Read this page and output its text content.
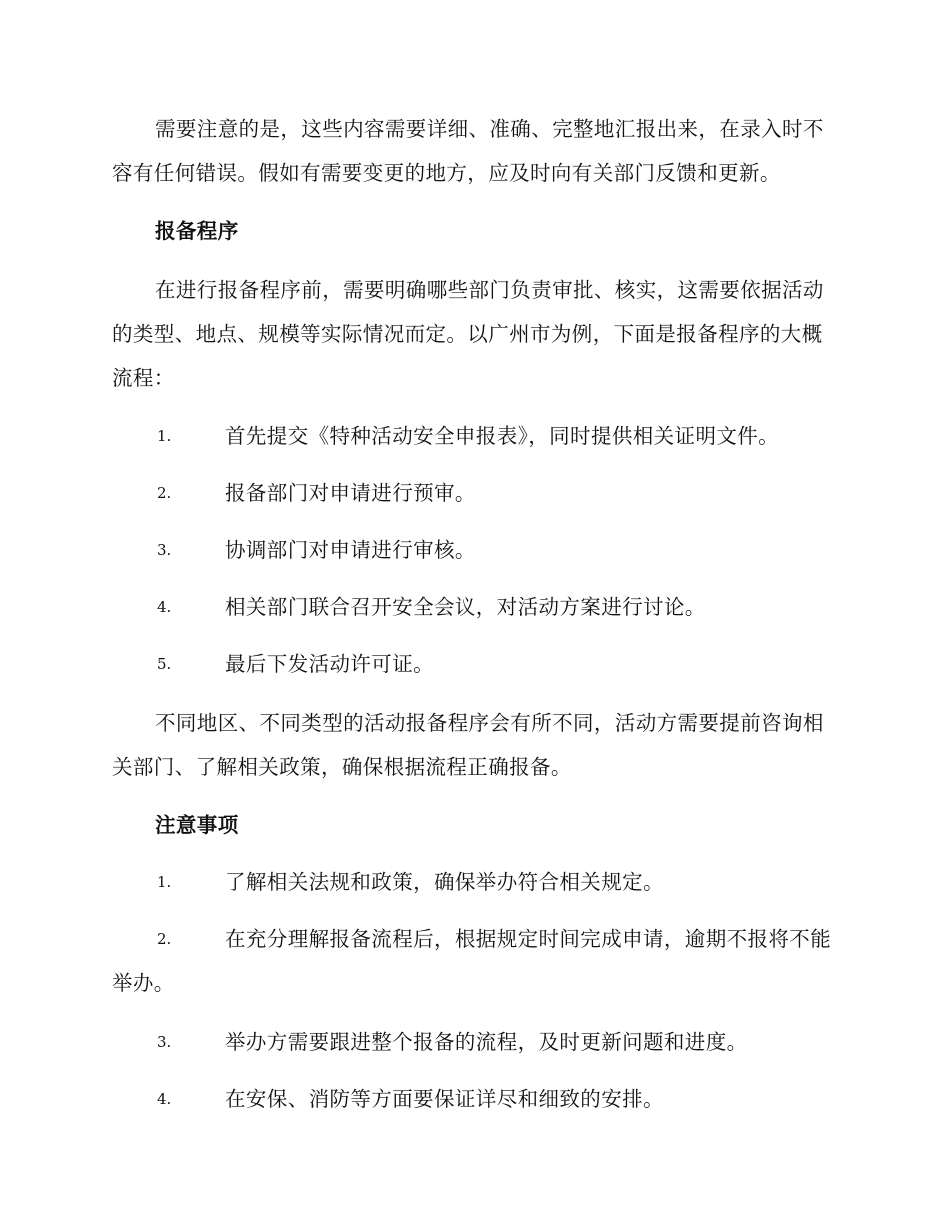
需要注意的是，这些内容需要详细、准确、完整地汇报出来，在录入时不容有任何错误。假如有需要变更的地方，应及时向有关部门反馈和更新。

报备程序

在进行报备程序前，需要明确哪些部门负责审批、核实，这需要依据活动的类型、地点、规模等实际情况而定。以广州市为例，下面是报备程序的大概流程：

1.	首先提交《特种活动安全申报表》，同时提供相关证明文件。
2.	报备部门对申请进行预审。
3.	协调部门对申请进行审核。
4.	相关部门联合召开安全会议，对活动方案进行讨论。
5.	最后下发活动许可证。

不同地区、不同类型的活动报备程序会有所不同，活动方需要提前咨询相关部门、了解相关政策，确保根据流程正确报备。

注意事项

1.	了解相关法规和政策，确保举办符合相关规定。
2.	在充分理解报备流程后，根据规定时间完成申请，逾期不报将不能举办。
3.	举办方需要跟进整个报备的流程，及时更新问题和进度。
4.	在安保、消防等方面要保证详尽和细致的安排。
